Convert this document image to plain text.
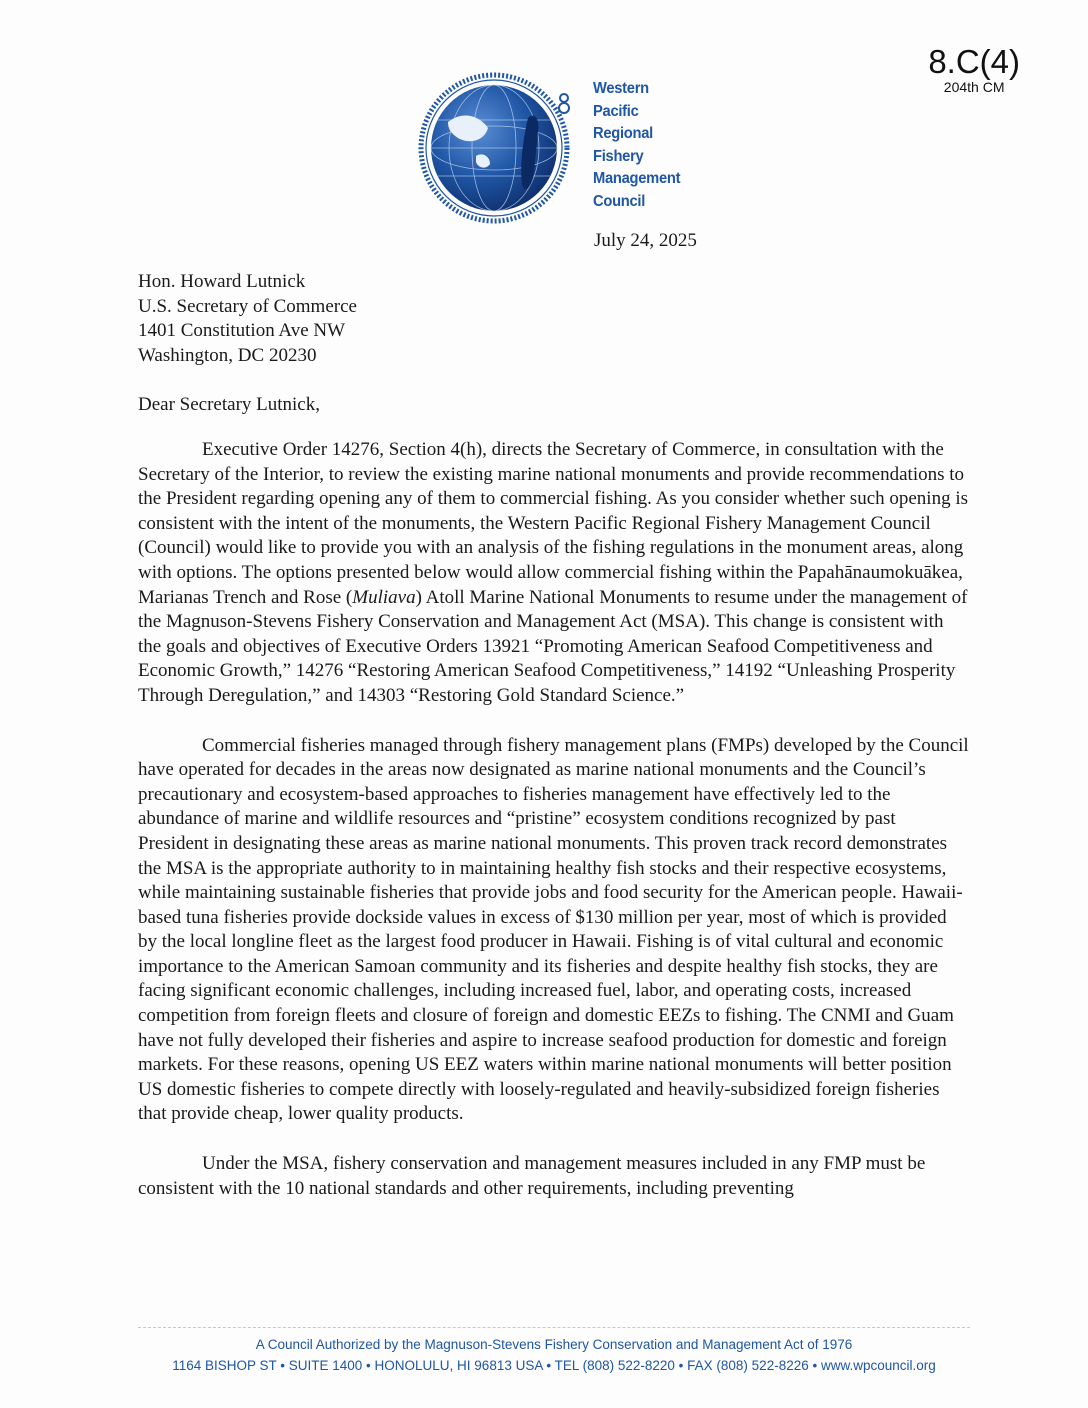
8.C(4)
204th CM
Western
Pacific
Regional
Fishery
Management
Council
July 24, 2025
Hon. Howard Lutnick
U.S. Secretary of Commerce
1401 Constitution Ave NW
Washington, DC 20230
Dear Secretary Lutnick,

Executive Order 14276, Section 4(h), directs the Secretary of Commerce, in consultation with the Secretary of the Interior, to review the existing marine national monuments and provide recommendations to the President regarding opening any of them to commercial fishing. As you consider whether such opening is consistent with the intent of the monuments, the Western Pacific Regional Fishery Management Council (Council) would like to provide you with an analysis of the fishing regulations in the monument areas, along with options. The options presented below would allow commercial fishing within the Papahānaumokuākea, Marianas Trench and Rose (Muliava) Atoll Marine National Monuments to resume under the management of the Magnuson-Stevens Fishery Conservation and Management Act (MSA). This change is consistent with the goals and objectives of Executive Orders 13921 “Promoting American Seafood Competitiveness and Economic Growth,” 14276 “Restoring American Seafood Competitiveness,” 14192 “Unleashing Prosperity Through Deregulation,” and 14303 “Restoring Gold Standard Science.”

Commercial fisheries managed through fishery management plans (FMPs) developed by the Council have operated for decades in the areas now designated as marine national monuments and the Council’s precautionary and ecosystem-based approaches to fisheries management have effectively led to the abundance of marine and wildlife resources and “pristine” ecosystem conditions recognized by past President in designating these areas as marine national monuments. This proven track record demonstrates the MSA is the appropriate authority to in maintaining healthy fish stocks and their respective ecosystems, while maintaining sustainable fisheries that provide jobs and food security for the American people. Hawaii-based tuna fisheries provide dockside values in excess of $130 million per year, most of which is provided by the local longline fleet as the largest food producer in Hawaii. Fishing is of vital cultural and economic importance to the American Samoan community and its fisheries and despite healthy fish stocks, they are facing significant economic challenges, including increased fuel, labor, and operating costs, increased competition from foreign fleets and closure of foreign and domestic EEZs to fishing. The CNMI and Guam have not fully developed their fisheries and aspire to increase seafood production for domestic and foreign markets. For these reasons, opening US EEZ waters within marine national monuments will better position US domestic fisheries to compete directly with loosely-regulated and heavily-subsidized foreign fisheries that provide cheap, lower quality products.

Under the MSA, fishery conservation and management measures included in any FMP must be consistent with the 10 national standards and other requirements, including preventing

A Council Authorized by the Magnuson-Stevens Fishery Conservation and Management Act of 1976
1164 BISHOP ST • SUITE 1400 • HONOLULU, HI 96813 USA • TEL (808) 522-8220 • FAX (808) 522-8226 • www.wpcouncil.org
